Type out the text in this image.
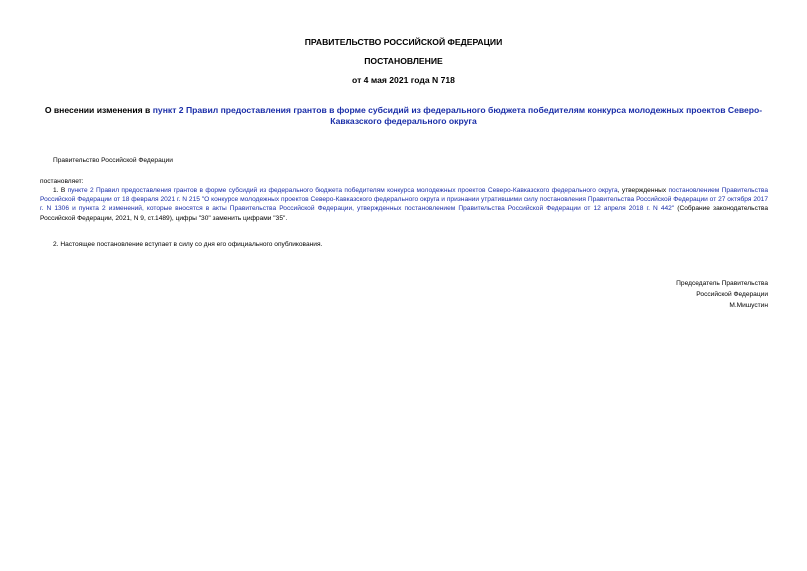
ПРАВИТЕЛЬСТВО РОССИЙСКОЙ ФЕДЕРАЦИИ
ПОСТАНОВЛЕНИЕ
от 4 мая 2021 года N 718
О внесении изменения в пункт 2 Правил предоставления грантов в форме субсидий из федерального бюджета победителям конкурса молодежных проектов Северо-Кавказского федерального округа
Правительство Российской Федерации
постановляет:
1. В пункте 2 Правил предоставления грантов в форме субсидий из федерального бюджета победителям конкурса молодежных проектов Северо-Кавказского федерального округа, утвержденных постановлением Правительства Российской Федерации от 18 февраля 2021 г. N 215 "О конкурсе молодежных проектов Северо-Кавказского федерального округа и признании утратившими силу постановления Правительства Российской Федерации от 27 октября 2017 г. N 1306 и пункта 2 изменений, которые вносятся в акты Правительства Российской Федерации, утвержденных постановлением Правительства Российской Федерации от 12 апреля 2018 г. N 442" (Собрание законодательства Российской Федерации, 2021, N 9, ст.1489), цифры "30" заменить цифрами "35".
2. Настоящее постановление вступает в силу со дня его официального опубликования.
Председатель Правительства
Российской Федерации
М.Мишустин
